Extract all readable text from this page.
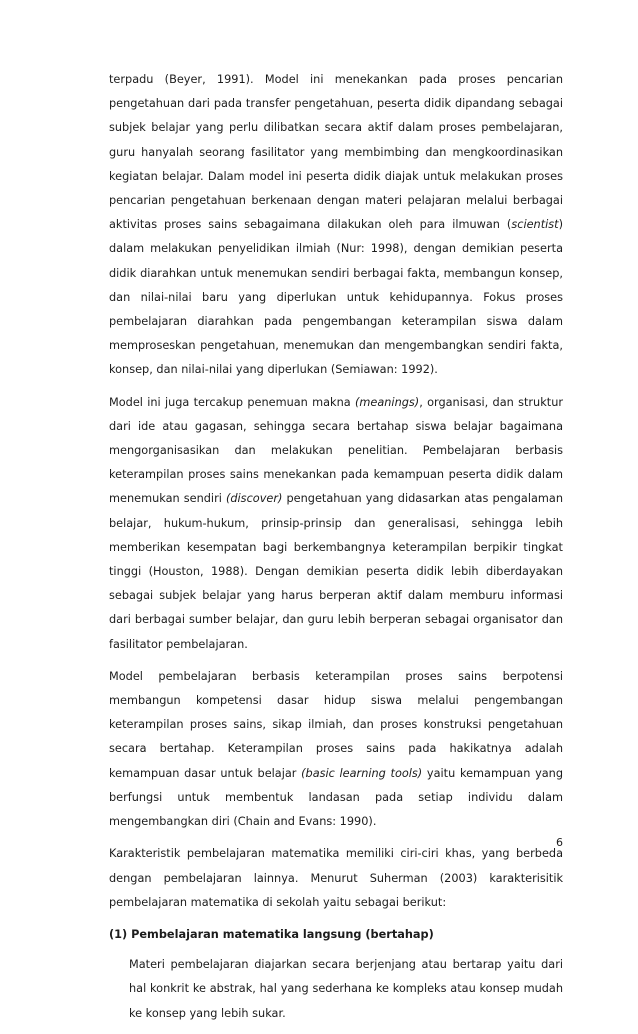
terpadu (Beyer, 1991). Model ini menekankan pada proses pencarian pengetahuan dari pada transfer pengetahuan, peserta didik dipandang sebagai subjek belajar yang perlu dilibatkan secara aktif dalam proses pembelajaran, guru hanyalah seorang fasilitator yang membimbing dan mengkoordinasikan kegiatan belajar. Dalam model ini peserta didik diajak untuk melakukan proses pencarian pengetahuan berkenaan dengan materi pelajaran melalui berbagai aktivitas proses sains sebagaimana dilakukan oleh para ilmuwan (scientist) dalam melakukan penyelidikan ilmiah (Nur: 1998), dengan demikian peserta didik diarahkan untuk menemukan sendiri berbagai fakta, membangun konsep, dan nilai-nilai baru yang diperlukan untuk kehidupannya. Fokus proses pembelajaran diarahkan pada pengembangan keterampilan siswa dalam memproseskan pengetahuan, menemukan dan mengembangkan sendiri fakta, konsep, dan nilai-nilai yang diperlukan (Semiawan: 1992).

Model ini juga tercakup penemuan makna (meanings), organisasi, dan struktur dari ide atau gagasan, sehingga secara bertahap siswa belajar bagaimana mengorganisasikan dan melakukan penelitian. Pembelajaran berbasis keterampilan proses sains menekankan pada kemampuan peserta didik dalam menemukan sendiri (discover) pengetahuan yang didasarkan atas pengalaman belajar, hukum-hukum, prinsip-prinsip dan generalisasi, sehingga lebih memberikan kesempatan bagi berkembangnya keterampilan berpikir tingkat tinggi (Houston, 1988). Dengan demikian peserta didik lebih diberdayakan sebagai subjek belajar yang harus berperan aktif dalam memburu informasi dari berbagai sumber belajar, dan guru lebih berperan sebagai organisator dan fasilitator pembelajaran.

Model pembelajaran berbasis keterampilan proses sains berpotensi membangun kompetensi dasar hidup siswa melalui pengembangan keterampilan proses sains, sikap ilmiah, dan proses konstruksi pengetahuan secara bertahap. Keterampilan proses sains pada hakikatnya adalah kemampuan dasar untuk belajar (basic learning tools) yaitu kemampuan yang berfungsi untuk membentuk landasan pada setiap individu dalam mengembangkan diri (Chain and Evans: 1990).

Karakteristik pembelajaran matematika memiliki ciri-ciri khas, yang berbeda dengan pembelajaran lainnya. Menurut Suherman (2003) karakterisitik pembelajaran matematika di sekolah yaitu sebagai berikut:

(1) Pembelajaran matematika langsung (bertahap)

Materi pembelajaran diajarkan secara berjenjang atau bertarap yaitu dari hal konkrit ke abstrak, hal yang sederhana ke kompleks atau konsep mudah ke konsep yang lebih sukar.

6
